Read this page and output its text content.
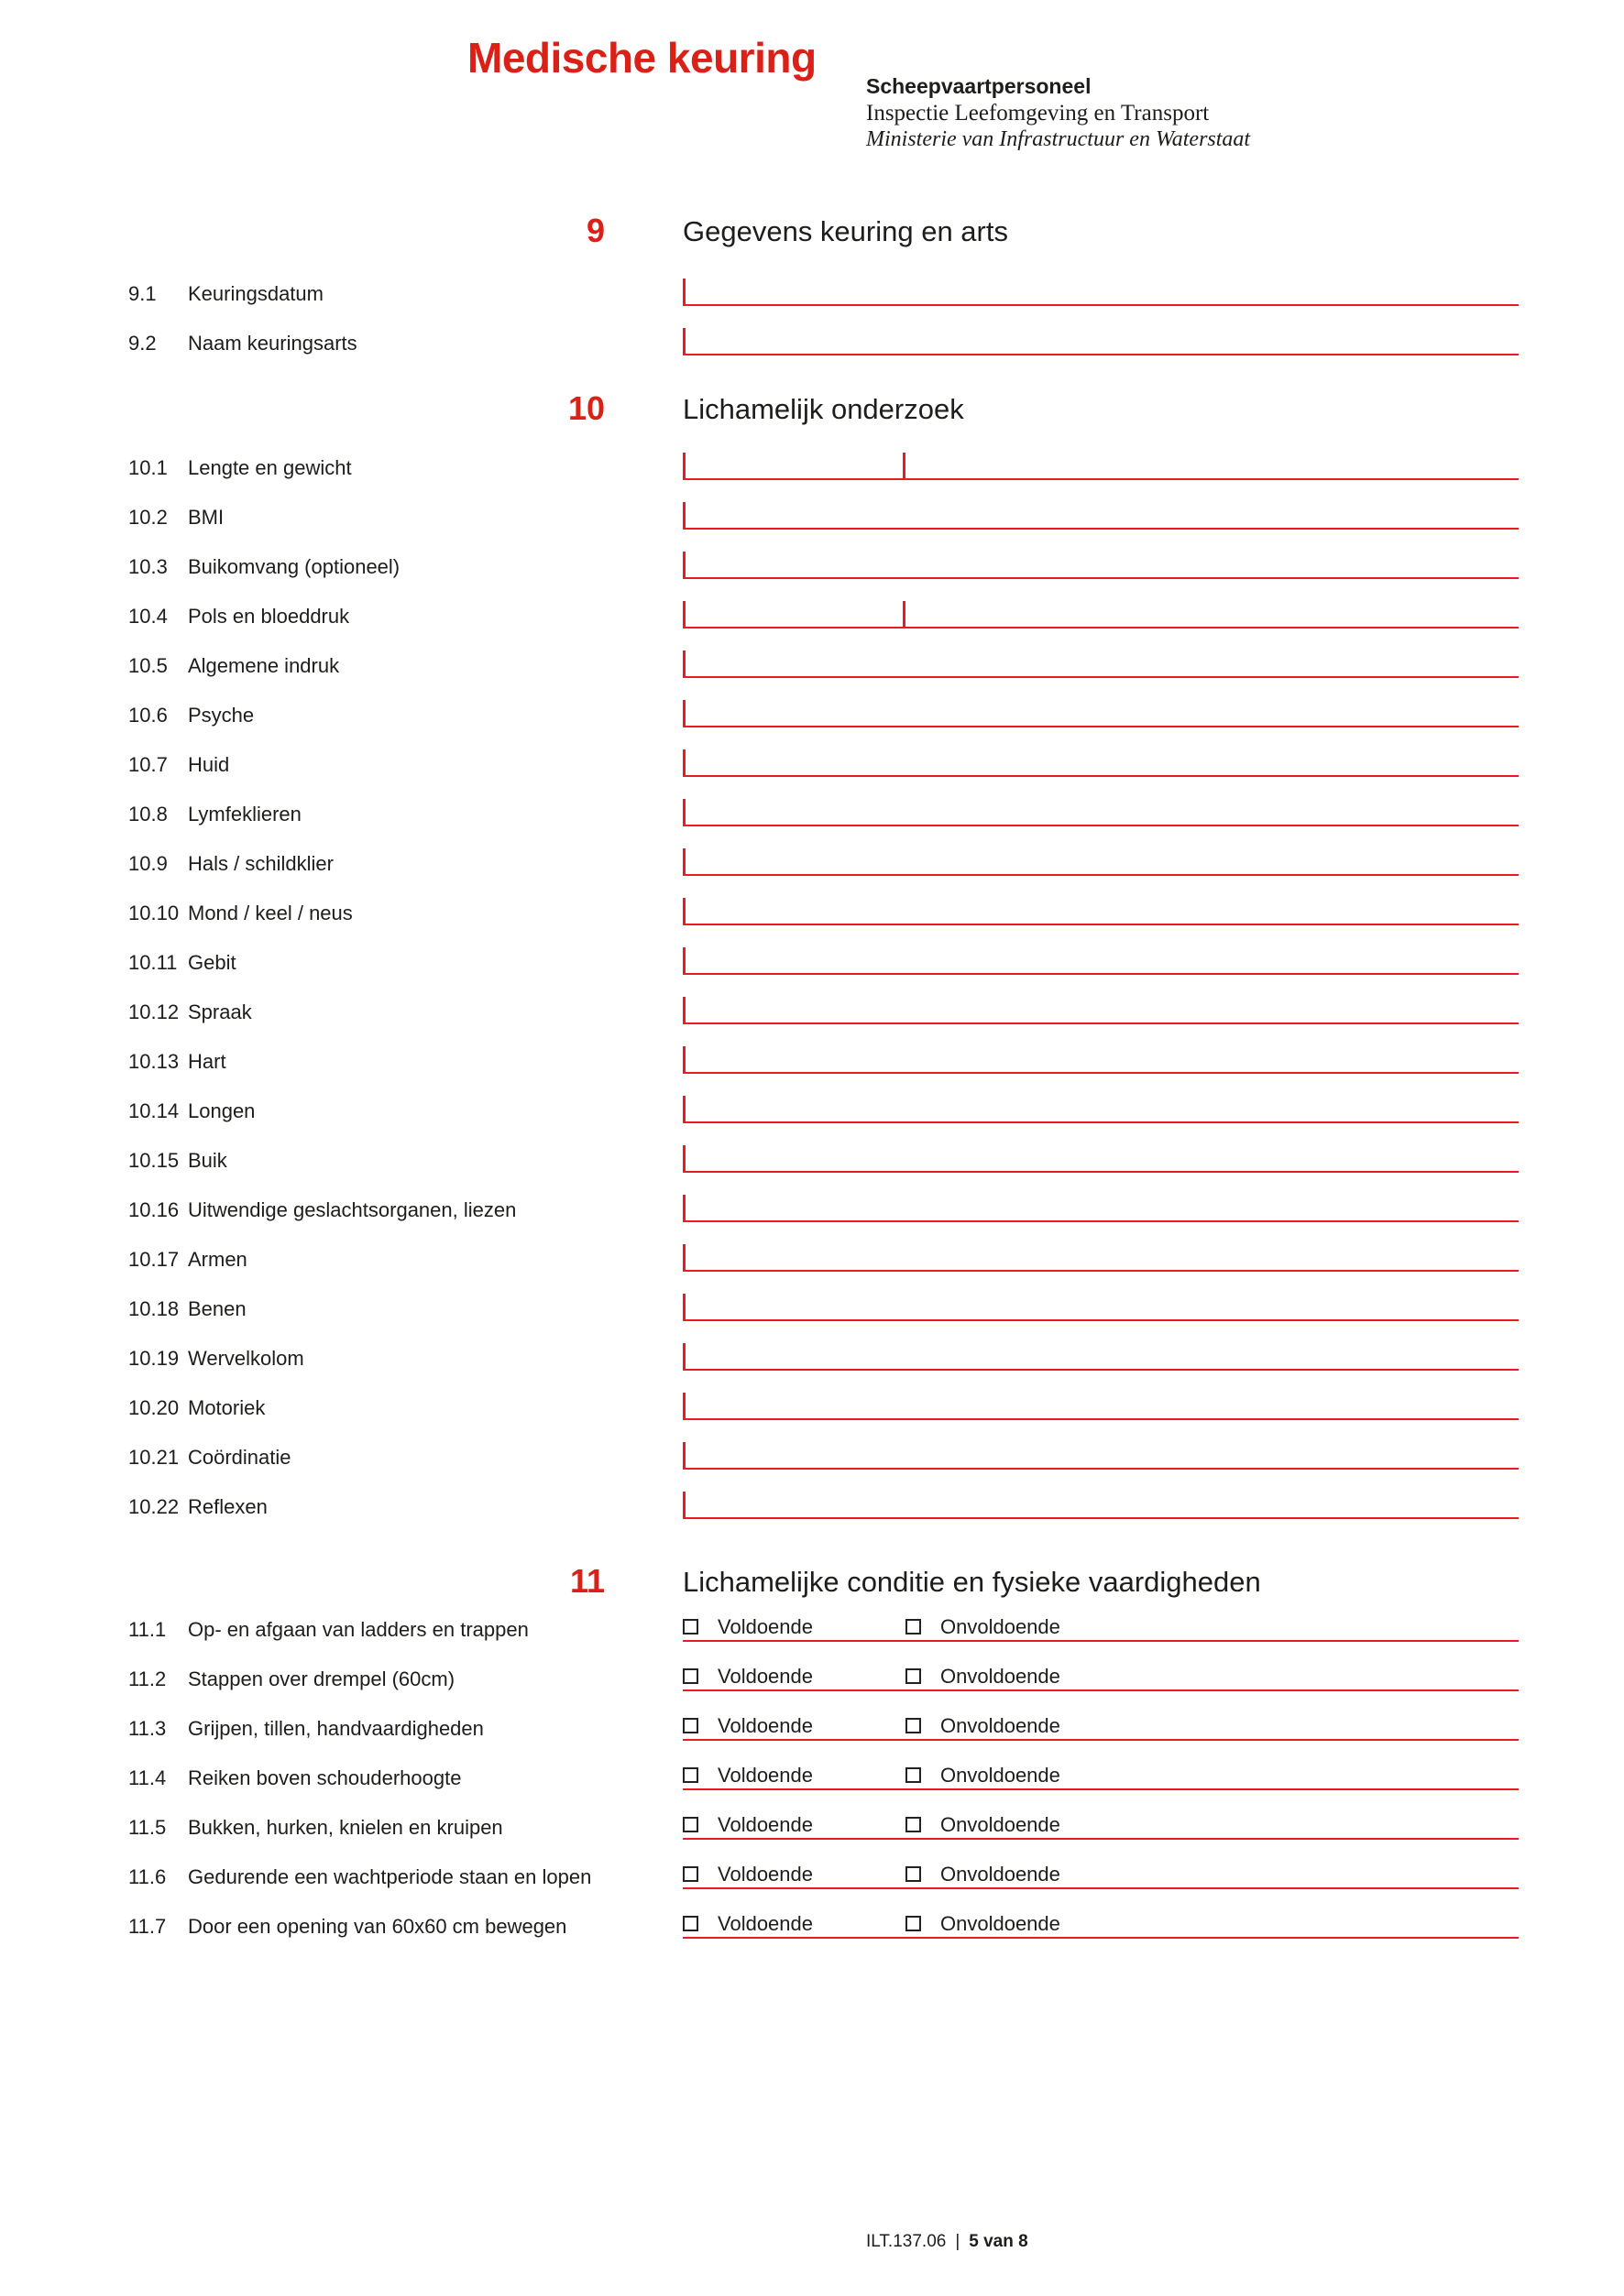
Medische keuring
Scheepvaartpersoneel
Inspectie Leefomgeving en Transport
Ministerie van Infrastructuur en Waterstaat
9	Gegevens keuring en arts
9.1 Keuringsdatum
9.2 Naam keuringsarts
10	Lichamelijk onderzoek
10.1 Lengte en gewicht
10.2 BMI
10.3 Buikomvang (optioneel)
10.4 Pols en bloeddruk
10.5 Algemene indruk
10.6 Psyche
10.7 Huid
10.8 Lymfeklieren
10.9 Hals / schildklier
10.10 Mond / keel / neus
10.11 Gebit
10.12 Spraak
10.13 Hart
10.14 Longen
10.15 Buik
10.16 Uitwendige geslachtsorganen, liezen
10.17 Armen
10.18 Benen
10.19 Wervelkolom
10.20 Motoriek
10.21 Coördinatie
10.22 Reflexen
11	Lichamelijke conditie en fysieke vaardigheden
11.1 Op- en afgaan van ladders en trappen	Voldoende	Onvoldoende
11.2 Stappen over drempel (60cm)	Voldoende	Onvoldoende
11.3 Grijpen, tillen, handvaardigheden	Voldoende	Onvoldoende
11.4 Reiken boven schouderhoogte	Voldoende	Onvoldoende
11.5 Bukken, hurken, knielen en kruipen	Voldoende	Onvoldoende
11.6 Gedurende een wachtperiode staan en lopen	Voldoende	Onvoldoende
11.7 Door een opening van 60x60 cm bewegen	Voldoende	Onvoldoende
ILT.137.06 | 5 van 8
